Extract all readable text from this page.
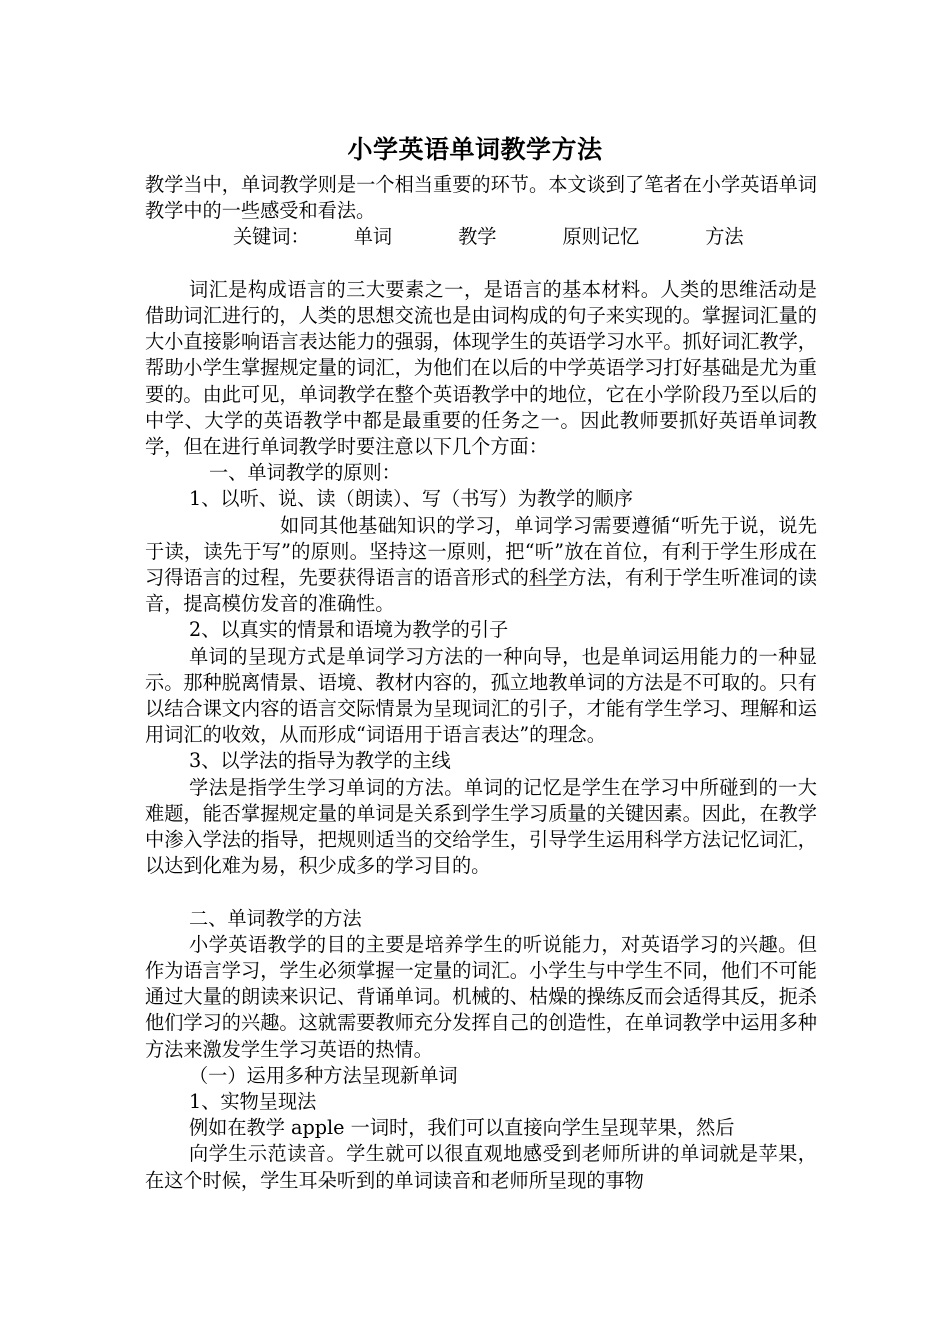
小学英语单词教学方法

教学当中，单词教学则是一个相当重要的环节。本文谈到了笔者在小学英语单词教学中的一些感受和看法。

关键词： 单词	教学	原则记忆	方法

词汇是构成语言的三大要素之一，是语言的基本材料。人类的思维活动是借助词汇进行的，人类的思想交流也是由词构成的句子来实现的。掌握词汇量的大小直接影响语言表达能力的强弱，体现学生的英语学习水平。抓好词汇教学，帮助小学生掌握规定量的词汇，为他们在以后的中学英语学习打好基础是尤为重要的。由此可见，单词教学在整个英语教学中的地位，它在小学阶段乃至以后的中学、大学的英语教学中都是最重要的任务之一。因此教师要抓好英语单词教学，但在进行单词教学时要注意以下几个方面：

一、单词教学的原则：

1、以听、说、读（朗读）、写（书写）为教学的顺序

如同其他基础知识的学习，单词学习需要遵循“听先于说，说先于读，读先于写”的原则。坚持这一原则，把“听”放在首位，有利于学生形成在习得语言的过程，先要获得语言的语音形式的科学方法，有利于学生听准词的读音，提高模仿发音的准确性。

2、以真实的情景和语境为教学的引子

单词的呈现方式是单词学习方法的一种向导，也是单词运用能力的一种显示。那种脱离情景、语境、教材内容的，孤立地教单词的方法是不可取的。只有以结合课文内容的语言交际情景为呈现词汇的引子，才能有学生学习、理解和运用词汇的收效，从而形成“词语用于语言表达”的理念。

3、以学法的指导为教学的主线

学法是指学生学习单词的方法。单词的记忆是学生在学习中所碰到的一大难题，能否掌握规定量的单词是关系到学生学习质量的关键因素。因此，在教学中渗入学法的指导，把规则适当的交给学生，引导学生运用科学方法记忆词汇，以达到化难为易，积少成多的学习目的。

二、单词教学的方法

小学英语教学的目的主要是培养学生的听说能力，对英语学习的兴趣。但作为语言学习，学生必须掌握一定量的词汇。小学生与中学生不同，他们不可能通过大量的朗读来识记、背诵单词。机械的、枯燥的操练反而会适得其反，扼杀他们学习的兴趣。这就需要教师充分发挥自己的创造性，在单词教学中运用多种方法来激发学生学习英语的热情。

（一）运用多种方法呈现新单词

1、实物呈现法

例如在教学 apple 一词时，我们可以直接向学生呈现苹果，然后

向学生示范读音。学生就可以很直观地感受到老师所讲的单词就是苹果，在这个时候，学生耳朵听到的单词读音和老师所呈现的事物
